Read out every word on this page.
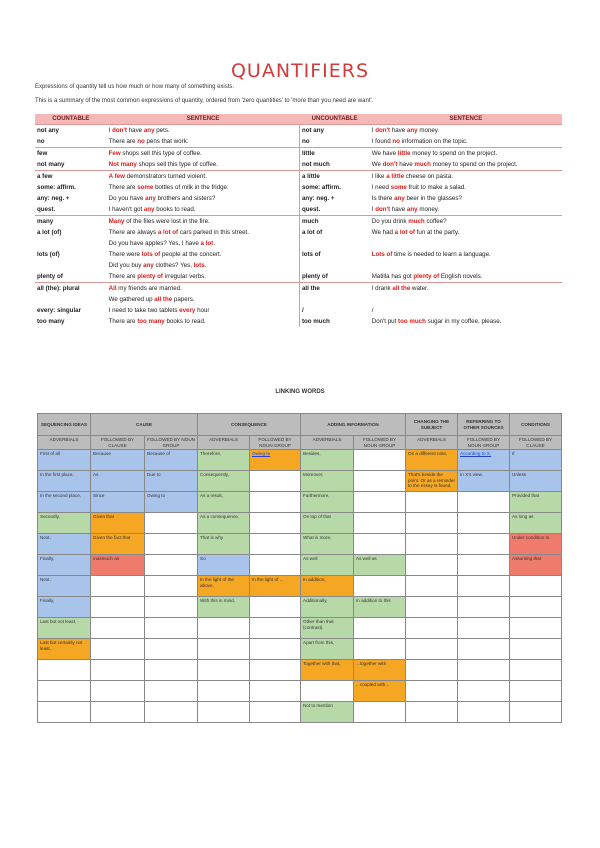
QUANTIFIERS
Expressions of quantity tell us how much or how many of something exists.
This is a summary of the most common expressions of quantity, ordered from 'zero quantities' to 'more than you need are want'.
COUNTABLE	SENTENCE	UNCOUNTABLE	SENTENCE
not any	I don't have any pets.	not any	I don't have any money.
no	There are no pens that work.	no	I found no information on the topic.
few	Few shops sell this type of coffee.	little	We have little money to spend on the project.
not many	Not many shops sell this type of coffee.	not much	We don't have much money to spend on the project.
a few	A few demonstrators turned violent.	a little	I like a little cheese on pasta.
some: affirm.	There are some bottles of milk in the fridge.	some: affirm.	I need some fruit to make a salad.
any: neg. +	Do you have any brothers and sisters?	any: neg. +	Is there any beer in the glasses?
quest.	I haven't got any books to read.	quest.	I don't have any money.
many	Many of the files were lost in the fire.	much	Do you drink much coffee?
a lot (of)	There are always a lot of cars parked in this street.	a lot of	We had a lot of fun at the party.
	Do you have apples? Yes, I have a lot.		
lots (of)	There were lots of people at the concert.	lots of	Lots of time is needed to learn a language.
	Did you buy any clothes? Yes, lots.		
plenty of	There are plenty of irregular verbs.	plenty of	Matilla has got plenty of English novels.
all (the): plural	All my friends are married.	all the	I drank all the water.
	We gathered up all the papers.		
every: singular	I need to take two tablets every hour	/	/
too many	There are too many books to read.	too much	Don't put too much sugar in my coffee, please.
LINKING WORDS
SEQUENCING IDEAS	CAUSE		CONSEQUENCE		ADDING INFORMATION		CHANGING THE SUBJECT	REFERRING TO OTHER SOURCES	CONDITIONS
ADVERBIALS	FOLLOWED BY CLAUSE	FOLLOWED BY NOUN GROUP	ADVERBIALS	FOLLOWED BY NOUN GROUP	ADVERBIALS	FOLLOWED BY NOUN GROUP	ADVERBIALS	FOLLOWED BY NOUN GROUP	FOLLOWED BY CLAUSE
First of all	Because	Because of	Therefore,	Owing to	Besides,		On a different note,	According to X,	If
In the first place,	As	Due to	Consequently,		Moreover,		That's beside the point. Or as a reminder to the essay is found,	In X's view,	Unless
In the second place,	Since	Owing to	As a result,		Furthermore,				Provided that
Secondly,	Given that		As a consequence,		On top of that				As long as
Next,	Given the fact that		That is why		What is more,				Under condition to
Finally,	Inasmuch as		So		As well	As well as			Assuming that
Next,			In the light of the above,	In the light of ...	In addition,				
Finally,			With this in mind,		Additionally,	In addition to this			
Last but not least,					Other than that (contrast)				
Last but certainly not least,					Apart from this,				
					Together with that,	...together with			
						...coupled with...			
					Not to mention				
